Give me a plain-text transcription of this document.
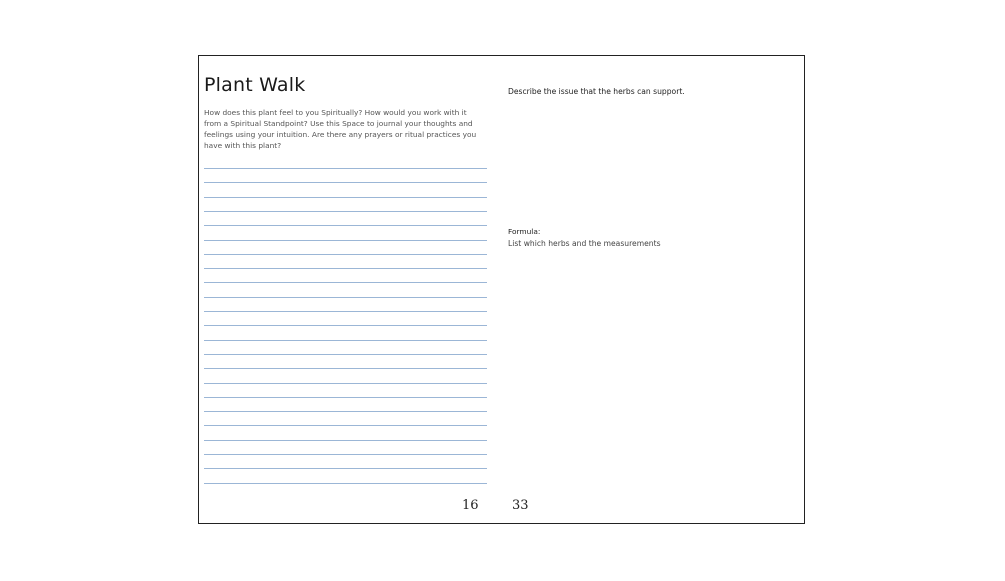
Plant Walk
How does this plant feel to you Spiritually? How would you work with it from a Spiritual Standpoint? Use this Space to journal your thoughts and feelings using your intuition. Are there any prayers or ritual practices you have with this plant?
16
Describe the issue that the herbs can support.
Formula:
List which herbs and the measurements
33
